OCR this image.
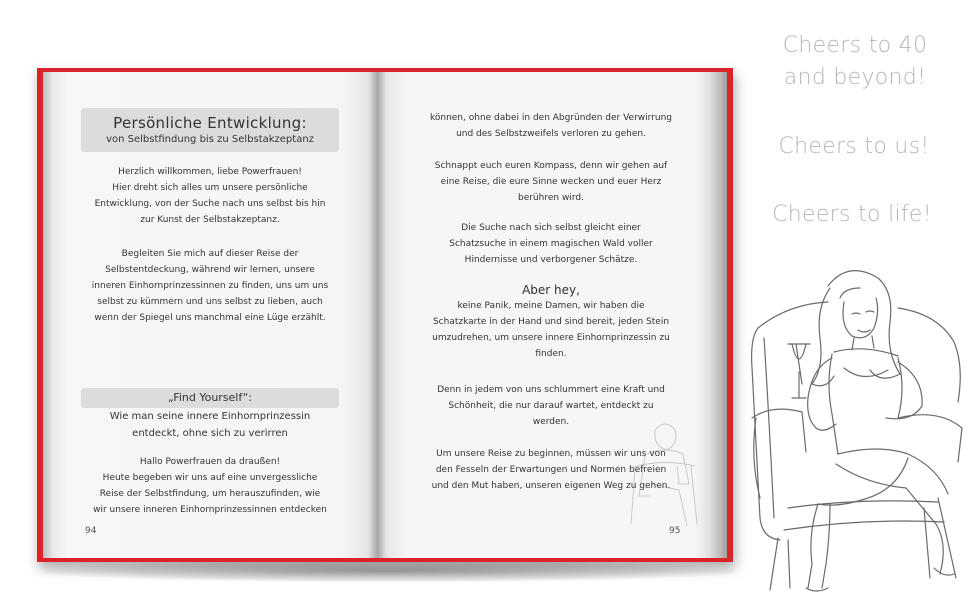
Persönliche Entwicklung:
von Selbstfindung bis zu Selbstakzeptanz
Herzlich willkommen, liebe Powerfrauen!
Hier dreht sich alles um unsere persönliche
Entwicklung, von der Suche nach uns selbst bis hin
zur Kunst der Selbstakzeptanz.
Begleiten Sie mich auf dieser Reise der
Selbstentdeckung, während wir lernen, unsere
inneren Einhornprinzessinnen zu finden, uns um uns
selbst zu kümmern und uns selbst zu lieben, auch
wenn der Spiegel uns manchmal eine Lüge erzählt.
„Find Yourself“:
Wie man seine innere Einhornprinzessin
entdeckt, ohne sich zu verirren
Hallo Powerfrauen da draußen!
Heute begeben wir uns auf eine unvergessliche
Reise der Selbstfindung, um herauszufinden, wie
wir unsere inneren Einhornprinzessinnen entdecken
94
können, ohne dabei in den Abgründen der Verwirrung
und des Selbstzweifels verloren zu gehen.
Schnappt euch euren Kompass, denn wir gehen auf
eine Reise, die eure Sinne wecken und euer Herz
berühren wird.
Die Suche nach sich selbst gleicht einer
Schatzsuche in einem magischen Wald voller
Hindernisse und verborgener Schätze.
Aber hey,
keine Panik, meine Damen, wir haben die
Schatzkarte in der Hand und sind bereit, jeden Stein
umzudrehen, um unsere innere Einhornprinzessin zu
finden.
Denn in jedem von uns schlummert eine Kraft und
Schönheit, die nur darauf wartet, entdeckt zu
werden.
Um unsere Reise zu beginnen, müssen wir uns von
den Fesseln der Erwartungen und Normen befreien
und den Mut haben, unseren eigenen Weg zu gehen.
95
Cheers to 40
and beyond!
Cheers to us!
Cheers to life!
